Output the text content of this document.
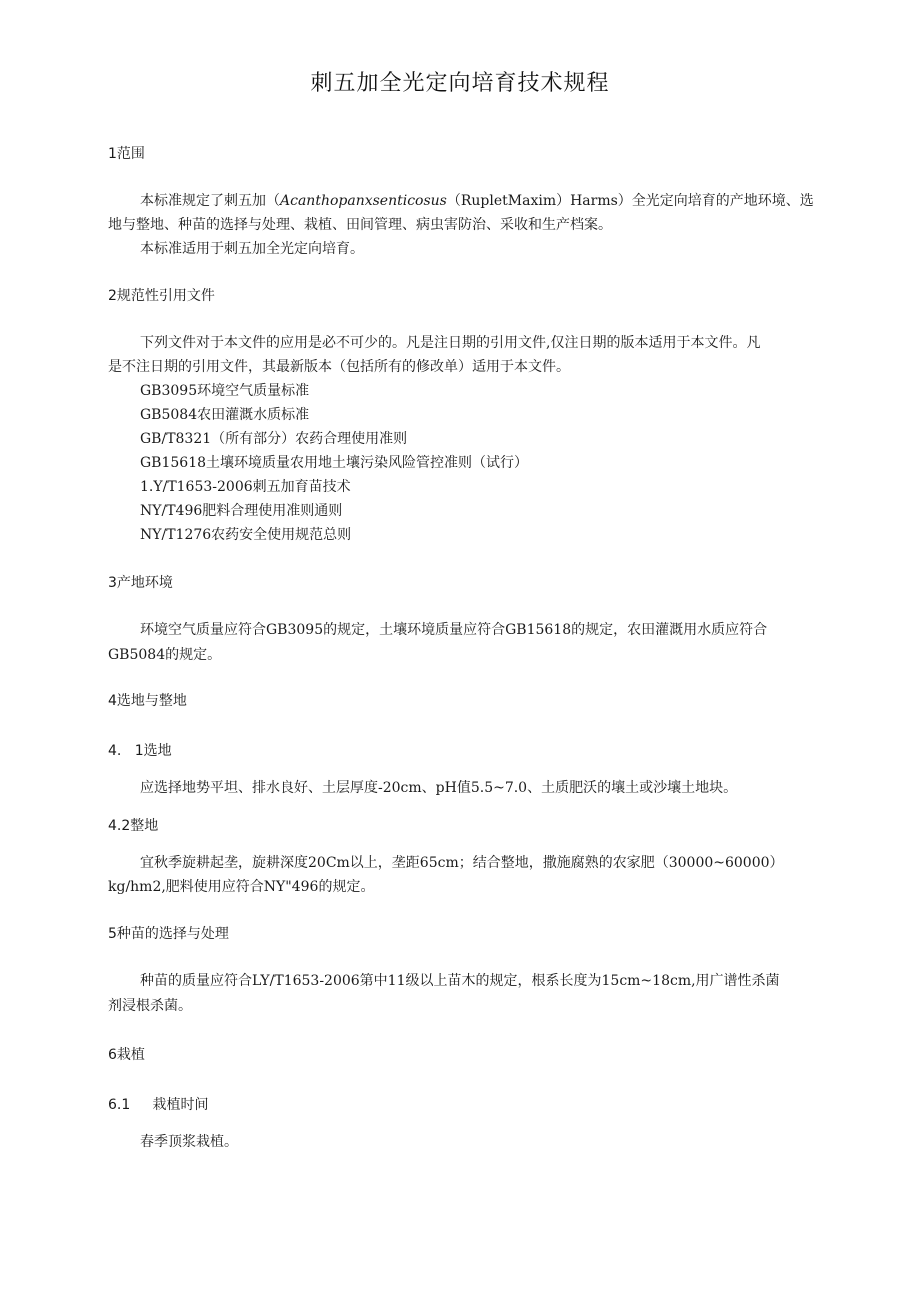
刺五加全光定向培育技术规程
1范围
本标准规定了刺五加（Acanthopanxsenticosus（RupletMaxim）Harms）全光定向培育的产地环境、选
地与整地、种苗的选择与处理、栽植、田间管理、病虫害防治、采收和生产档案。
本标准适用于刺五加全光定向培育。
2规范性引用文件
下列文件对于本文件的应用是必不可少的。凡是注日期的引用文件,仅注日期的版本适用于本文件。凡
是不注日期的引用文件，其最新版本（包括所有的修改单）适用于本文件。
GB3095环境空气质量标准
GB5084农田灌溉水质标准
GB/T8321（所有部分）农药合理使用准则
GB15618土壤环境质量农用地土壤污染风险管控准则（试行）
1.Y/T1653-2006刺五加育苗技术
NY/T496肥料合理使用准则通则
NY/T1276农药安全使用规范总则
3产地环境
环境空气质量应符合GB3095的规定，土壤环境质量应符合GB15618的规定，农田灌溉用水质应符合
GB5084的规定。
4选地与整地
4.   1选地
应选择地势平坦、排水良好、土层厚度-20cm、pH值5.5~7.0、土质肥沃的壤土或沙壤土地块。
4.2整地
宜秋季旋耕起垄，旋耕深度20Cm以上，垄距65cm；结合整地，撒施腐熟的农家肥（30000~60000）
kg/hm2,肥料使用应符合NY"496的规定。
5种苗的选择与处理
种苗的质量应符合LY/T1653-2006第中11级以上苗木的规定，根系长度为15cm~18cm,用广谱性杀菌
剂浸根杀菌。
6栽植
6.1     栽植时间
春季顶浆栽植。
